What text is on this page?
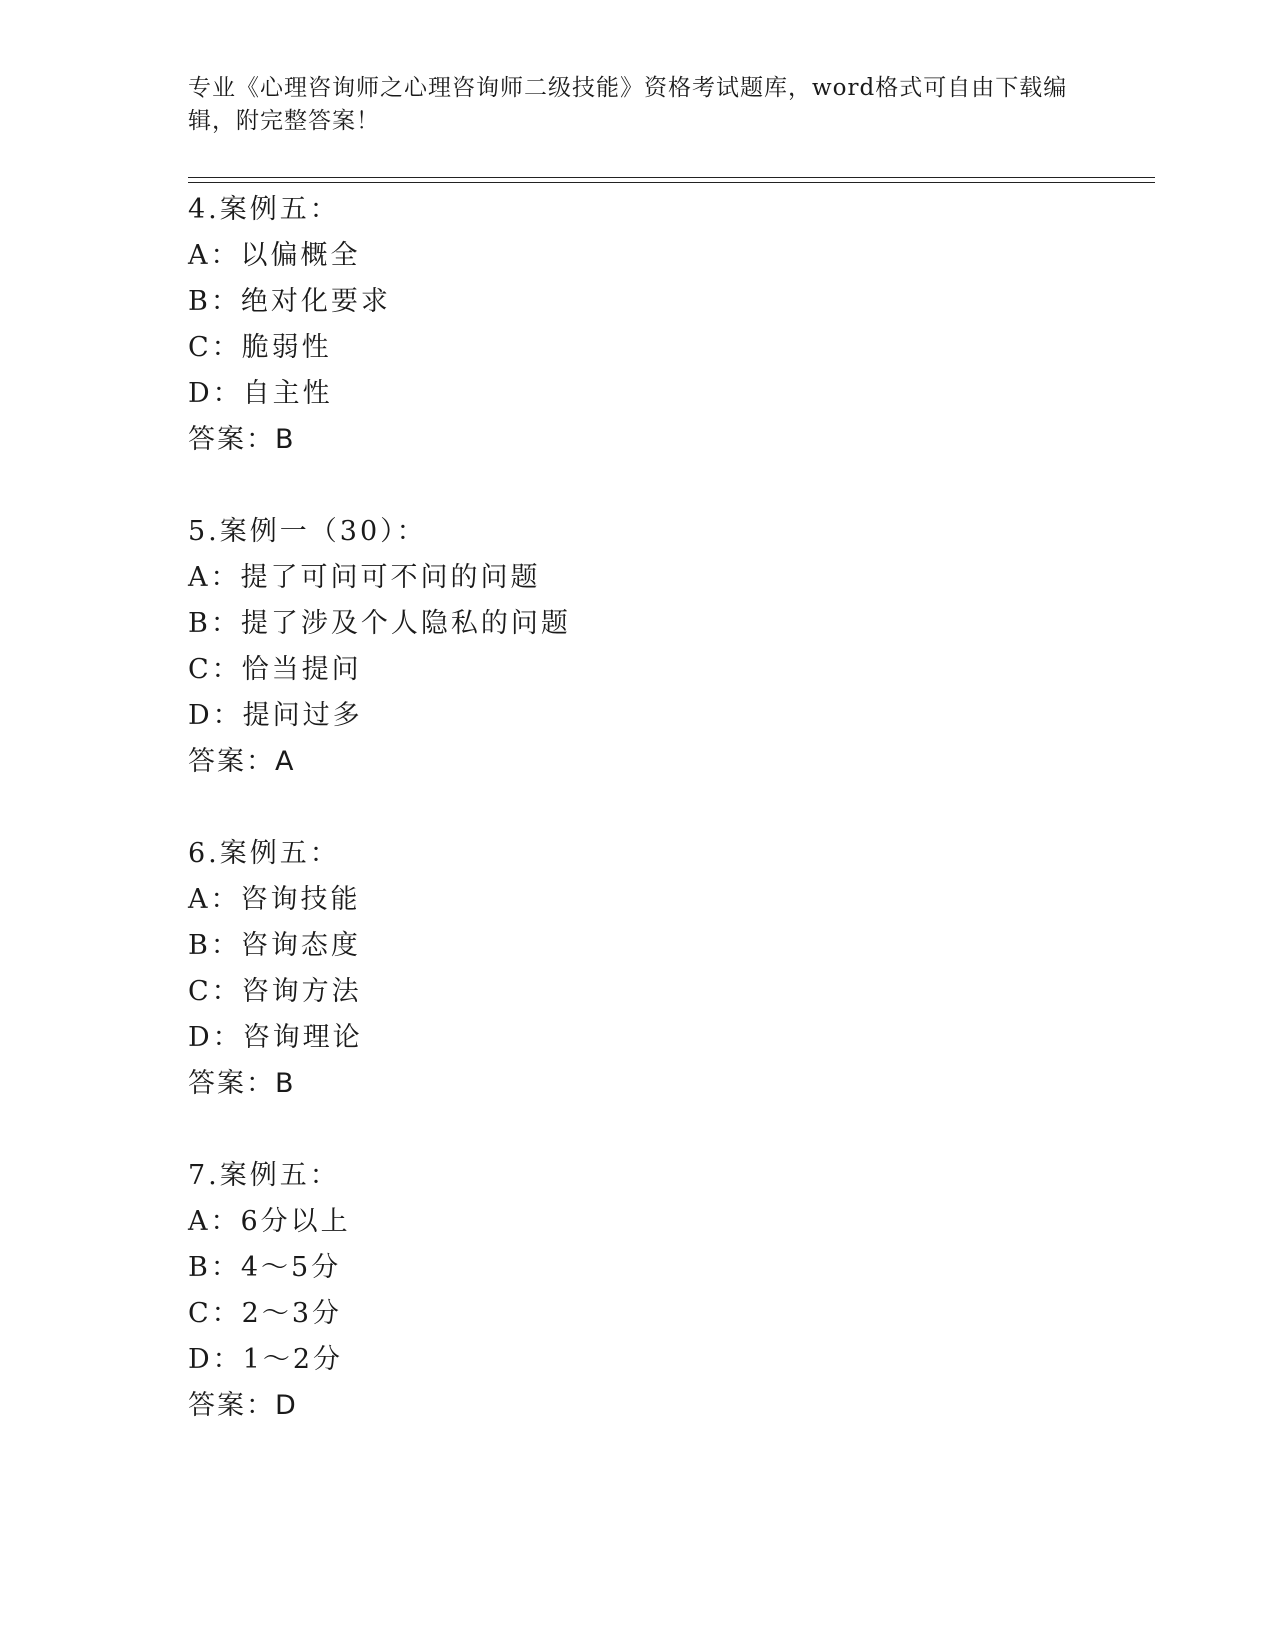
专业《心理咨询师之心理咨询师二级技能》资格考试题库，word格式可自由下载编辑，附完整答案！
4.案例五：
A：以偏概全
B：绝对化要求
C：脆弱性
D：自主性
答案：B
5.案例一（30）：
A：提了可问可不问的问题
B：提了涉及个人隐私的问题
C：恰当提问
D：提问过多
答案：A
6.案例五：
A：咨询技能
B：咨询态度
C：咨询方法
D：咨询理论
答案：B
7.案例五：
A：6分以上
B：4～5分
C：2～3分
D：1～2分
答案：D
